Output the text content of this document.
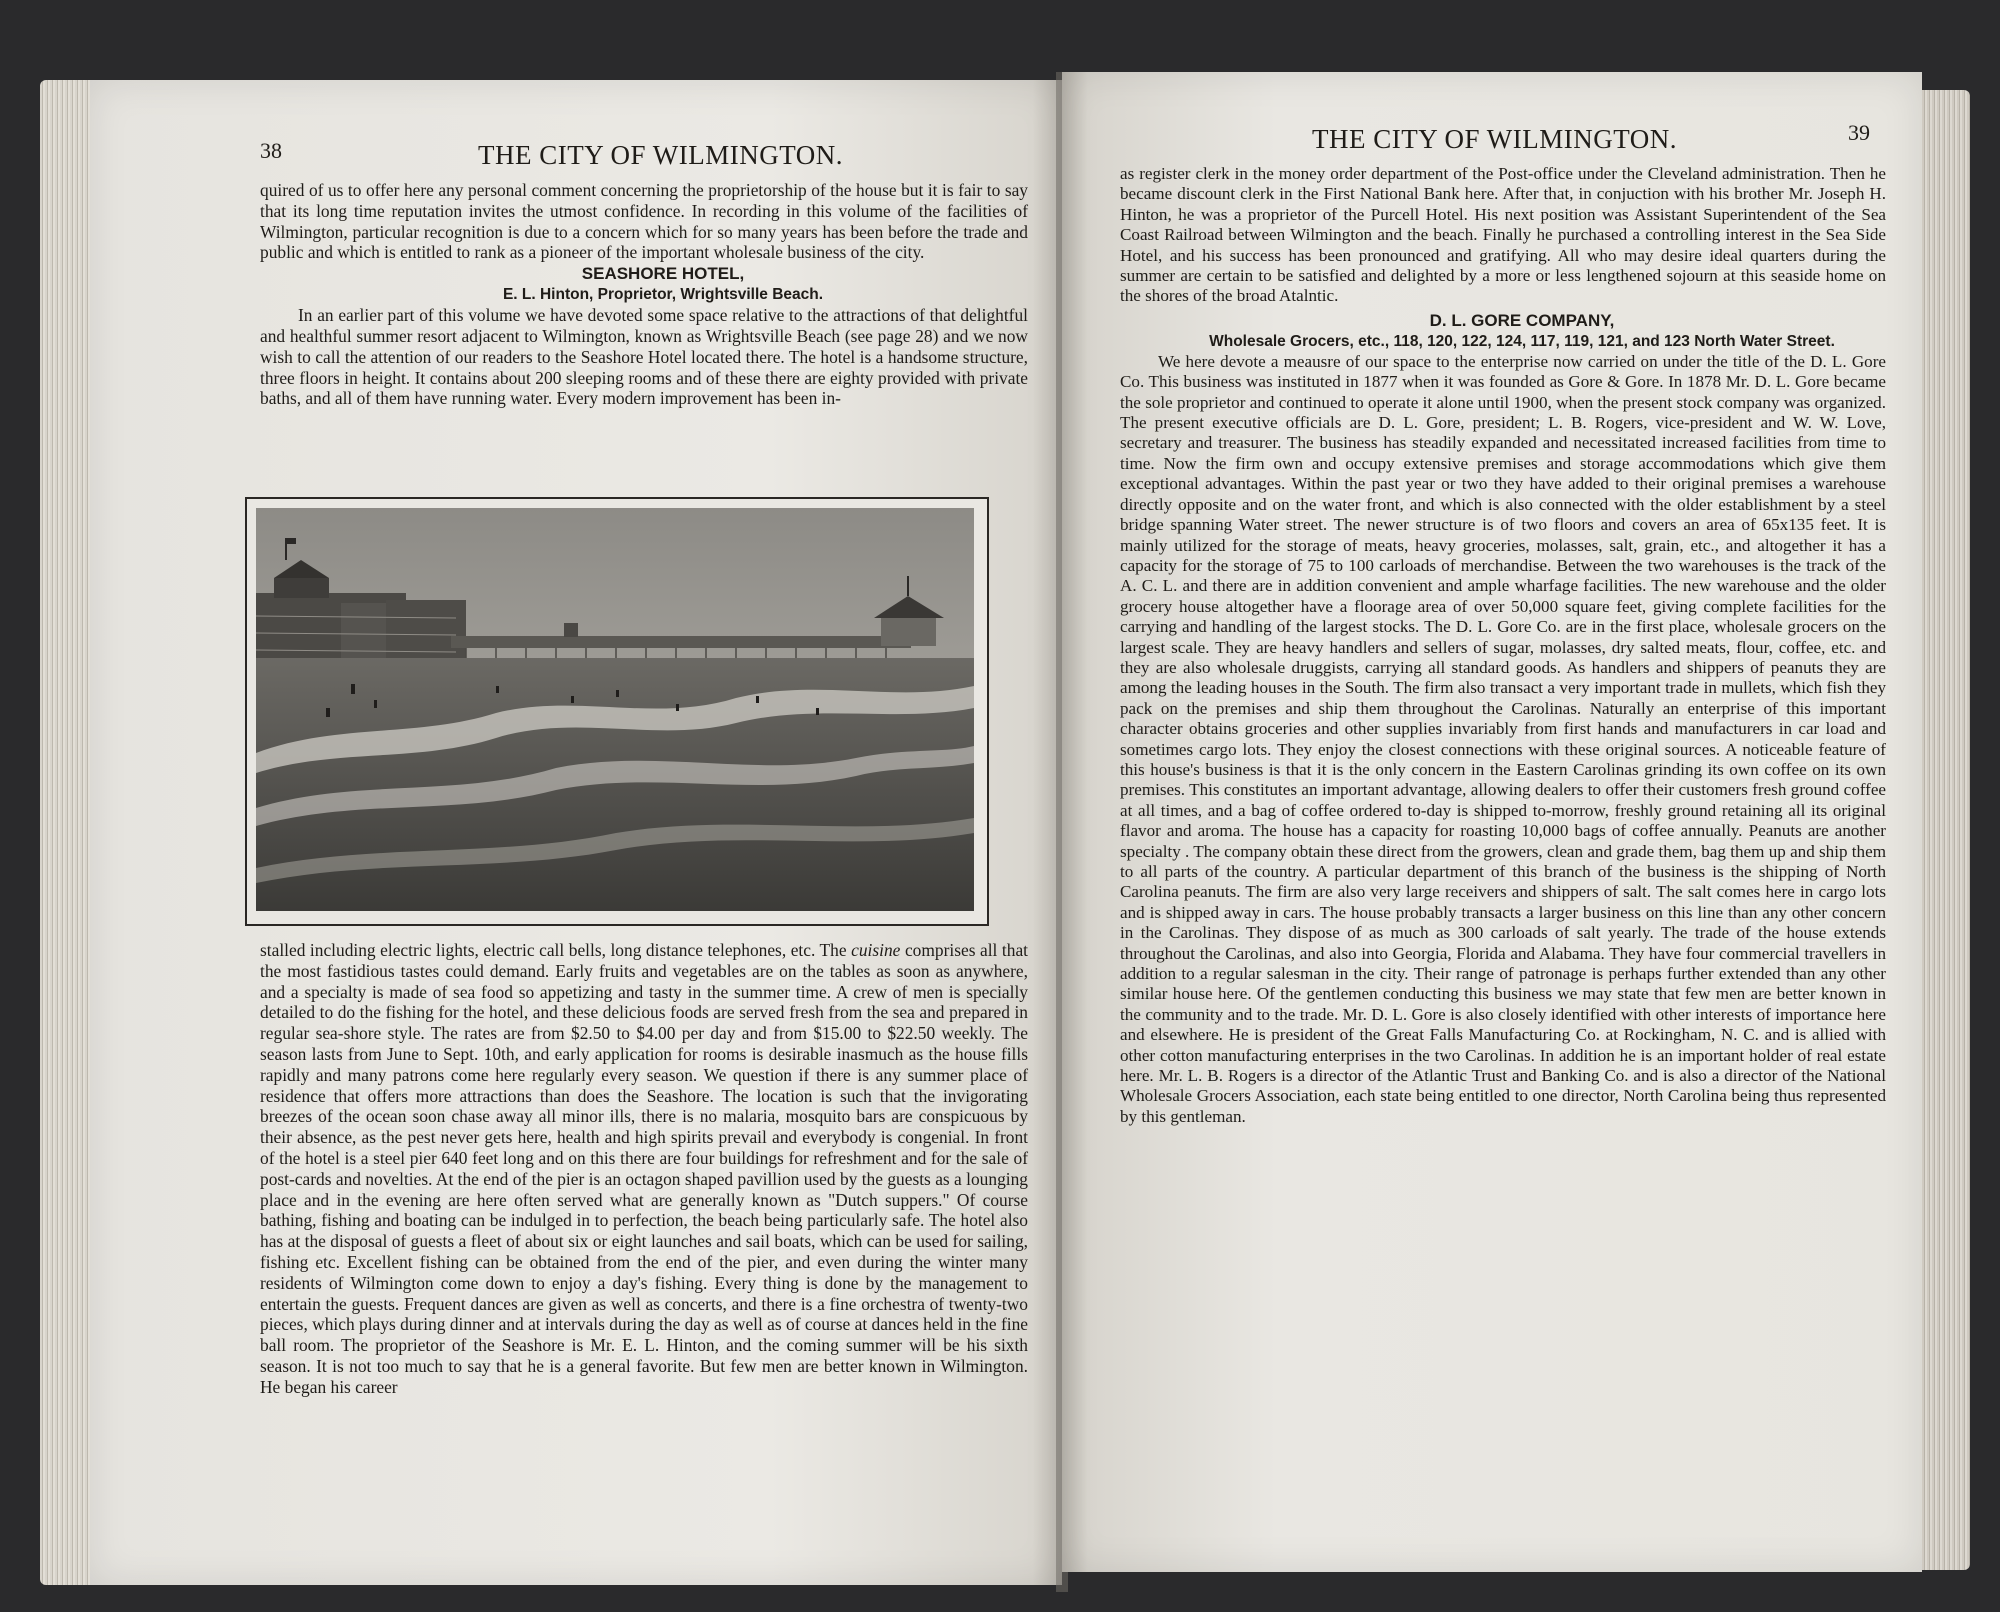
38	THE CITY OF WILMINGTON.

quired of us to offer here any personal comment concerning the proprietorship of the house but it is fair to say that its long time reputation invites the utmost confidence. In recording in this volume of the facilities of Wilmington, particular recognition is due to a concern which for so many years has been before the trade and public and which is entitled to rank as a pioneer of the important wholesale business of the city.

SEASHORE HOTEL,

E. L. Hinton, Proprietor, Wrightsville Beach.

In an earlier part of this volume we have devoted some space relative to the attractions of that delightful and healthful summer resort adjacent to Wilmington, known as Wrightsville Beach (see page 28) and we now wish to call the attention of our readers to the Seashore Hotel located there. The hotel is a handsome structure, three floors in height. It contains about 200 sleeping rooms and of these there are eighty provided with private baths, and all of them have running water. Every modern improvement has been in-

stalled including electric lights, electric call bells, long distance telephones, etc. The cuisine comprises all that the most fastidious tastes could demand. Early fruits and vegetables are on the tables as soon as anywhere, and a specialty is made of sea food so appetizing and tasty in the summer time. A crew of men is specially detailed to do the fishing for the hotel, and these delicious foods are served fresh from the sea and prepared in regular sea-shore style. The rates are from $2.50 to $4.00 per day and from $15.00 to $22.50 weekly. The season lasts from June to Sept. 10th, and early application for rooms is desirable inasmuch as the house fills rapidly and many patrons come here regularly every season. We question if there is any summer place of residence that offers more attractions than does the Seashore. The location is such that the invigorating breezes of the ocean soon chase away all minor ills, there is no malaria, mosquito bars are conspicuous by their absence, as the pest never gets here, health and high spirits prevail and everybody is congenial. In front of the hotel is a steel pier 640 feet long and on this there are four buildings for refreshment and for the sale of post-cards and novelties. At the end of the pier is an octagon shaped pavillion used by the guests as a lounging place and in the evening are here often served what are generally known as "Dutch suppers." Of course bathing, fishing and boating can be indulged in to perfection, the beach being particularly safe. The hotel also has at the disposal of guests a fleet of about six or eight launches and sail boats, which can be used for sailing, fishing etc. Excellent fishing can be obtained from the end of the pier, and even during the winter many residents of Wilmington come down to enjoy a day's fishing. Every thing is done by the management to entertain the guests. Frequent dances are given as well as concerts, and there is a fine orchestra of twenty-two pieces, which plays during dinner and at intervals during the day as well as of course at dances held in the fine ball room. The proprietor of the Seashore is Mr. E. L. Hinton, and the coming summer will be his sixth season. It is not too much to say that he is a general favorite. But few men are better known in Wilmington. He began his career

THE CITY OF WILMINGTON.	39

as register clerk in the money order department of the Post-office under the Cleveland administration. Then he became discount clerk in the First National Bank here. After that, in conjuction with his brother Mr. Joseph H. Hinton, he was a proprietor of the Purcell Hotel. His next position was Assistant Superintendent of the Sea Coast Railroad between Wilmington and the beach. Finally he purchased a controlling interest in the Sea Side Hotel, and his success has been pronounced and gratifying. All who may desire ideal quarters during the summer are certain to be satisfied and delighted by a more or less lengthened sojourn at this seaside home on the shores of the broad Atalntic.

D. L. GORE COMPANY,

Wholesale Grocers, etc., 118, 120, 122, 124, 117, 119, 121, and 123 North Water Street.

We here devote a meausre of our space to the enterprise now carried on under the title of the D. L. Gore Co. This business was instituted in 1877 when it was founded as Gore & Gore. In 1878 Mr. D. L. Gore became the sole proprietor and continued to operate it alone until 1900, when the present stock company was organized. The present executive officials are D. L. Gore, president; L. B. Rogers, vice-president and W. W. Love, secretary and treasurer. The business has steadily expanded and necessitated increased facilities from time to time. Now the firm own and occupy extensive premises and storage accommodations which give them exceptional advantages. Within the past year or two they have added to their original premises a warehouse directly opposite and on the water front, and which is also connected with the older establishment by a steel bridge spanning Water street. The newer structure is of two floors and covers an area of 65x135 feet. It is mainly utilized for the storage of meats, heavy groceries, molasses, salt, grain, etc., and altogether it has a capacity for the storage of 75 to 100 carloads of merchandise. Between the two warehouses is the track of the A. C. L. and there are in addition convenient and ample wharfage facilities. The new warehouse and the older grocery house altogether have a floorage area of over 50,000 square feet, giving complete facilities for the carrying and handling of the largest stocks. The D. L. Gore Co. are in the first place, wholesale grocers on the largest scale. They are heavy handlers and sellers of sugar, molasses, dry salted meats, flour, coffee, etc. and they are also wholesale druggists, carrying all standard goods. As handlers and shippers of peanuts they are among the leading houses in the South. The firm also transact a very important trade in mullets, which fish they pack on the premises and ship them throughout the Carolinas. Naturally an enterprise of this important character obtains groceries and other supplies invariably from first hands and manufacturers in car load and sometimes cargo lots. They enjoy the closest connections with these original sources. A noticeable feature of this house's business is that it is the only concern in the Eastern Carolinas grinding its own coffee on its own premises. This constitutes an important advantage, allowing dealers to offer their customers fresh ground coffee at all times, and a bag of coffee ordered to-day is shipped to-morrow, freshly ground retaining all its original flavor and aroma. The house has a capacity for roasting 10,000 bags of coffee annually. Peanuts are another specialty . The company obtain these direct from the growers, clean and grade them, bag them up and ship them to all parts of the country. A particular department of this branch of the business is the shipping of North Carolina peanuts. The firm are also very large receivers and shippers of salt. The salt comes here in cargo lots and is shipped away in cars. The house probably transacts a larger business on this line than any other concern in the Carolinas. They dispose of as much as 300 carloads of salt yearly. The trade of the house extends throughout the Carolinas, and also into Georgia, Florida and Alabama. They have four commercial travellers in addition to a regular salesman in the city. Their range of patronage is perhaps further extended than any other similar house here. Of the gentlemen conducting this business we may state that few men are better known in the community and to the trade. Mr. D. L. Gore is also closely identified with other interests of importance here and elsewhere. He is president of the Great Falls Manufacturing Co. at Rockingham, N. C. and is allied with other cotton manufacturing enterprises in the two Carolinas. In addition he is an important holder of real estate here. Mr. L. B. Rogers is a director of the Atlantic Trust and Banking Co. and is also a director of the National Wholesale Grocers Association, each state being entitled to one director, North Carolina being thus represented by this gentleman.
